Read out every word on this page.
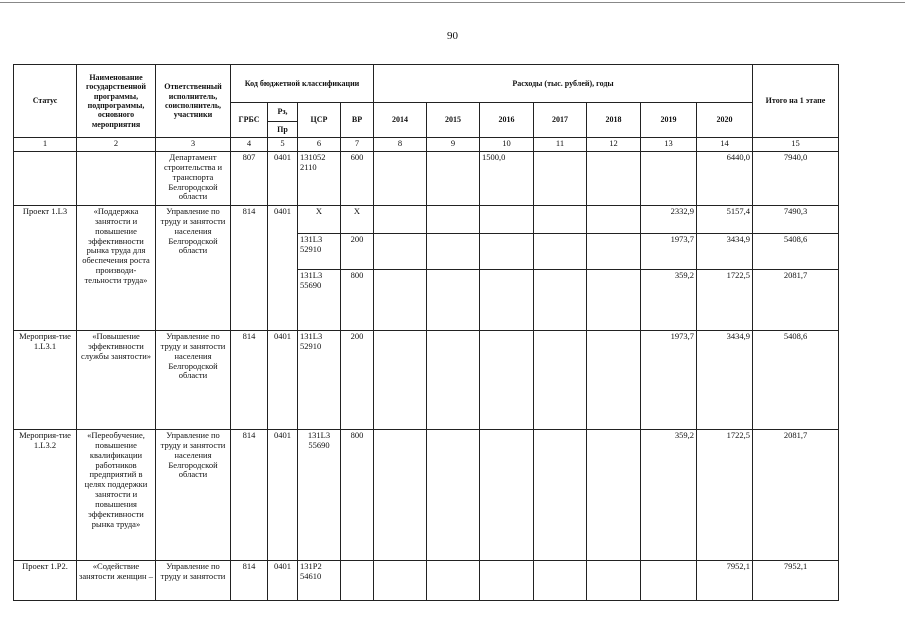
90
Статус	Наименование государственной программы, подпрограммы, основного мероприятия	Ответственный исполнитель, соисполнитель, участники	Код бюджетной классификации				Расходы (тыс. рублей), годы							Итого на 1 этапе
			ГРБС	Рз,	ЦСР	ВР	2014	2015	2016	2017	2018	2019	2020	
				Пр										
1	2	3	4	5	6	7	8	9	10	11	12	13	14	15
		Департамент строительства и транспорта Белгородской области	807	0401	131052 2110	600			1500,0				6440,0	7940,0
Проект 1.L3	«Поддержка занятости и повышение эффективности рынка труда для обеспечения роста производи-тельности труда»	Управление по труду и занятости населения Белгородской области	814	0401	X	X						2332,9	5157,4	7490,3
					131L3 52910	200						1973,7	3434,9	5408,6
					131L3 55690	800						359,2	1722,5	2081,7
Мероприя-тие 1.L3.1	«Повышение эффективности службы занятости»	Управление по труду и занятости населения Белгородской области	814	0401	131L3 52910	200						1973,7	3434,9	5408,6
Мероприя-тие 1.L3.2	«Переобучение, повышение квалификации работников предприятий в целях поддержки занятости и повышения эффективности рынка труда»	Управление по труду и занятости населения Белгородской области	814	0401	131L3 55690	800						359,2	1722,5	2081,7
Проект 1.P2.	«Содействие занятости женщин –	Управление по труду и занятости	814	0401	131P2 54610								7952,1	7952,1
